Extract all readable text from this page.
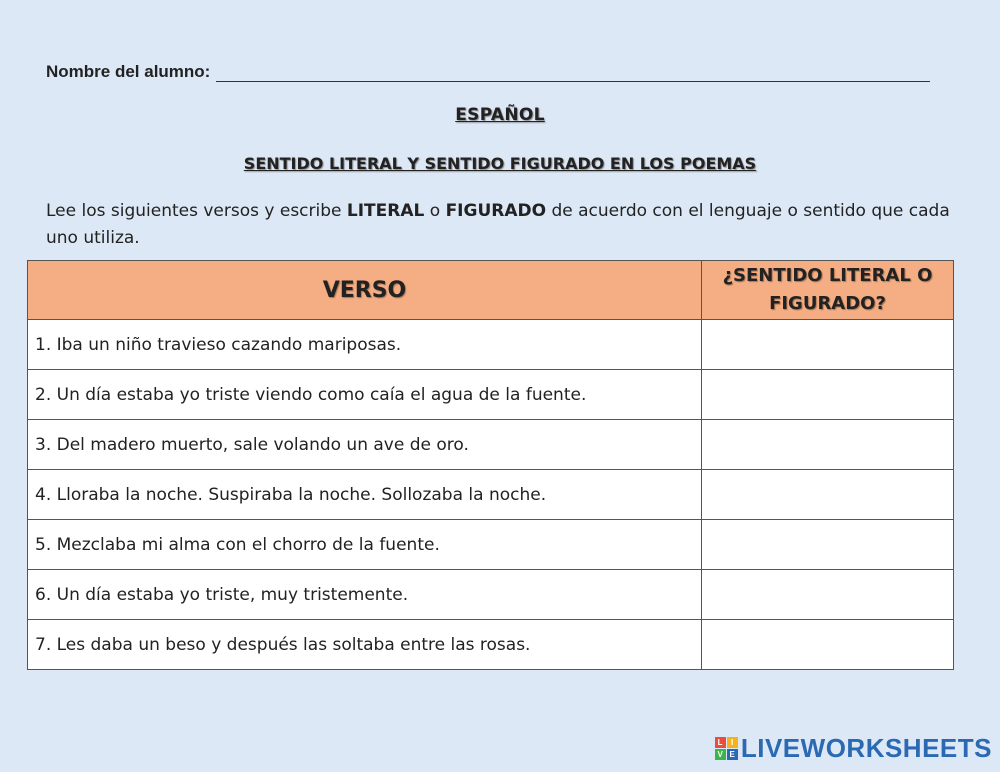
Nombre del alumno:
ESPAÑOL
SENTIDO LITERAL Y SENTIDO FIGURADO EN LOS POEMAS
Lee los siguientes versos y escribe LITERAL o FIGURADO de acuerdo con el lenguaje o sentido que cada uno utiliza.
VERSO	¿SENTIDO LITERAL O FIGURADO?
1. Iba un niño travieso cazando mariposas.	
2. Un día estaba yo triste viendo como caía el agua de la fuente.	
3. Del madero muerto, sale volando un ave de oro.	
4. Lloraba la noche. Suspiraba la noche. Sollozaba la noche.	
5. Mezclaba mi alma con el chorro de la fuente.	
6. Un día estaba yo triste, muy tristemente.	
7. Les daba un beso y después las soltaba entre las rosas.	
L I
V E LIVEWORKSHEETS
